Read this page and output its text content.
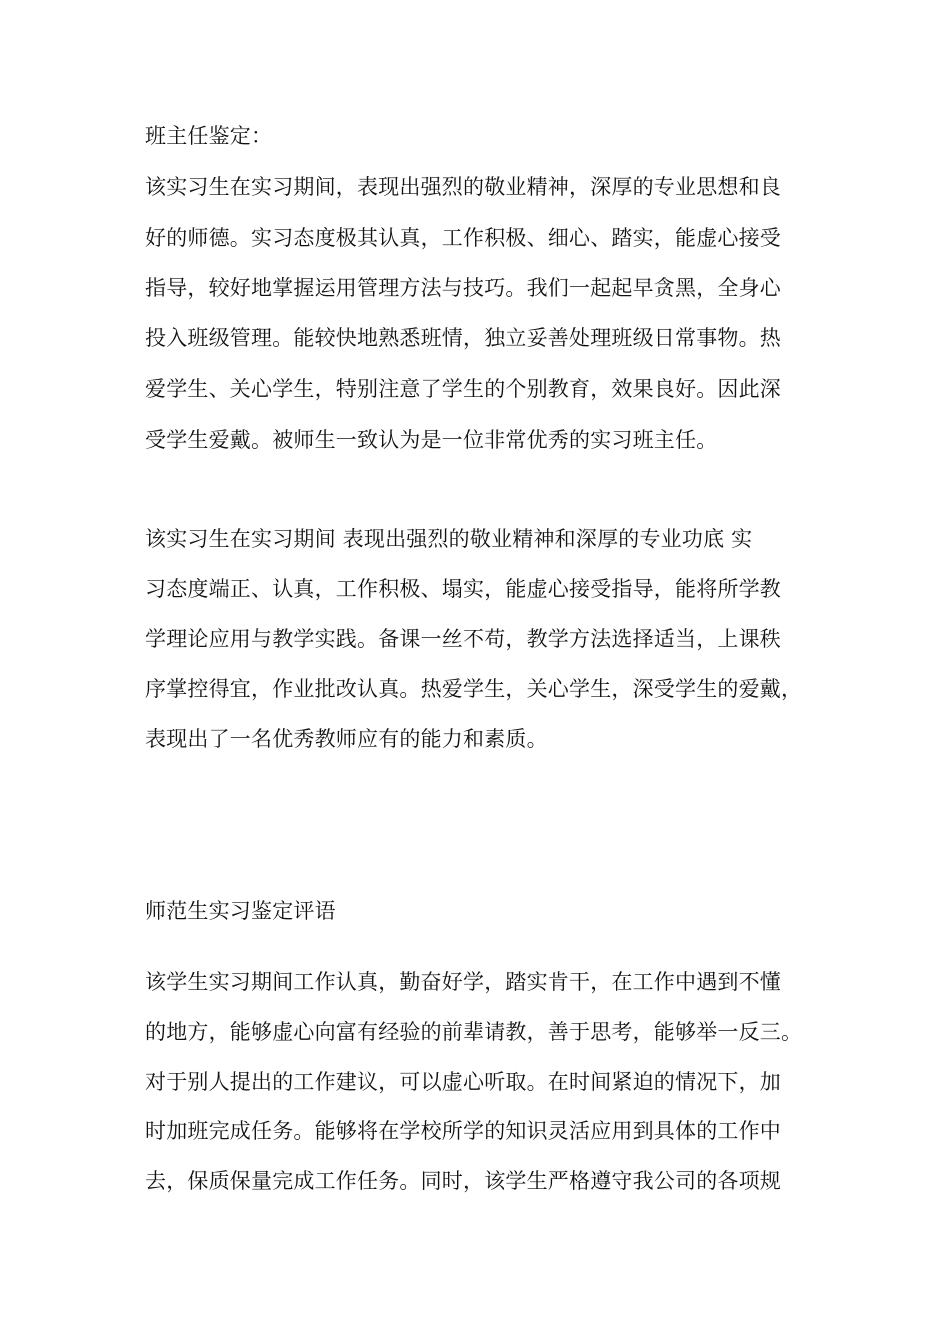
班主任鉴定：
该实习生在实习期间，表现出强烈的敬业精神，深厚的专业思想和良
好的师德。实习态度极其认真，工作积极、细心、踏实，能虚心接受
指导，较好地掌握运用管理方法与技巧。我们一起起早贪黑，全身心
投入班级管理。能较快地熟悉班情，独立妥善处理班级日常事物。热
爱学生、关心学生，特别注意了学生的个别教育，效果良好。因此深
受学生爱戴。被师生一致认为是一位非常优秀的实习班主任。
该实习生在实习期间 表现出强烈的敬业精神和深厚的专业功底 实
习态度端正、认真，工作积极、塌实，能虚心接受指导，能将所学教
学理论应用与教学实践。备课一丝不苟，教学方法选择适当，上课秩
序掌控得宜，作业批改认真。热爱学生，关心学生，深受学生的爱戴，
表现出了一名优秀教师应有的能力和素质。
师范生实习鉴定评语
该学生实习期间工作认真，勤奋好学，踏实肯干，在工作中遇到不懂
的地方，能够虚心向富有经验的前辈请教，善于思考，能够举一反三。
对于别人提出的工作建议，可以虚心听取。在时间紧迫的情况下，加
时加班完成任务。能够将在学校所学的知识灵活应用到具体的工作中
去，保质保量完成工作任务。同时，该学生严格遵守我公司的各项规
